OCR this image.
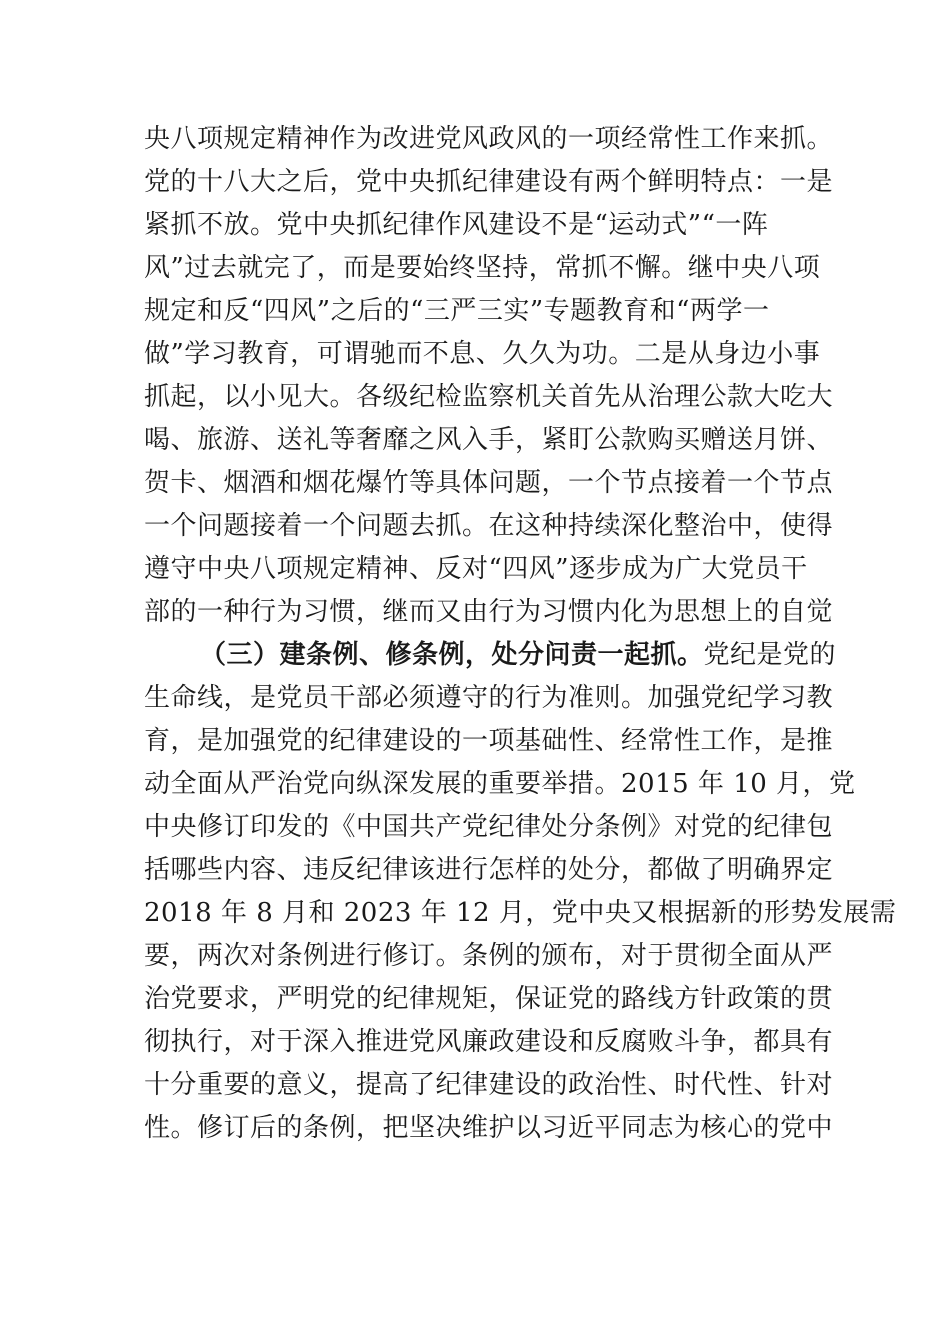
央八项规定精神作为改进党风政风的一项经常性工作来抓。
党的十八大之后，党中央抓纪律建设有两个鲜明特点：一是
紧抓不放。党中央抓纪律作风建设不是“运动式”“一阵
风”过去就完了，而是要始终坚持，常抓不懈。继中央八项
规定和反“四风”之后的“三严三实”专题教育和“两学一
做”学习教育，可谓驰而不息、久久为功。二是从身边小事
抓起，以小见大。各级纪检监察机关首先从治理公款大吃大
喝、旅游、送礼等奢靡之风入手，紧盯公款购买赠送月饼、
贺卡、烟酒和烟花爆竹等具体问题，一个节点接着一个节点
一个问题接着一个问题去抓。在这种持续深化整治中，使得
遵守中央八项规定精神、反对“四风”逐步成为广大党员干
部的一种行为习惯，继而又由行为习惯内化为思想上的自觉
（三）建条例、修条例，处分问责一起抓。党纪是党的
生命线，是党员干部必须遵守的行为准则。加强党纪学习教
育，是加强党的纪律建设的一项基础性、经常性工作，是推
动全面从严治党向纵深发展的重要举措。2015 年 10 月，党
中央修订印发的《中国共产党纪律处分条例》对党的纪律包
括哪些内容、违反纪律该进行怎样的处分，都做了明确界定
2018 年 8 月和 2023 年 12 月，党中央又根据新的形势发展需
要，两次对条例进行修订。条例的颁布，对于贯彻全面从严
治党要求，严明党的纪律规矩，保证党的路线方针政策的贯
彻执行，对于深入推进党风廉政建设和反腐败斗争，都具有
十分重要的意义，提高了纪律建设的政治性、时代性、针对
性。修订后的条例，把坚决维护以习近平同志为核心的党中
